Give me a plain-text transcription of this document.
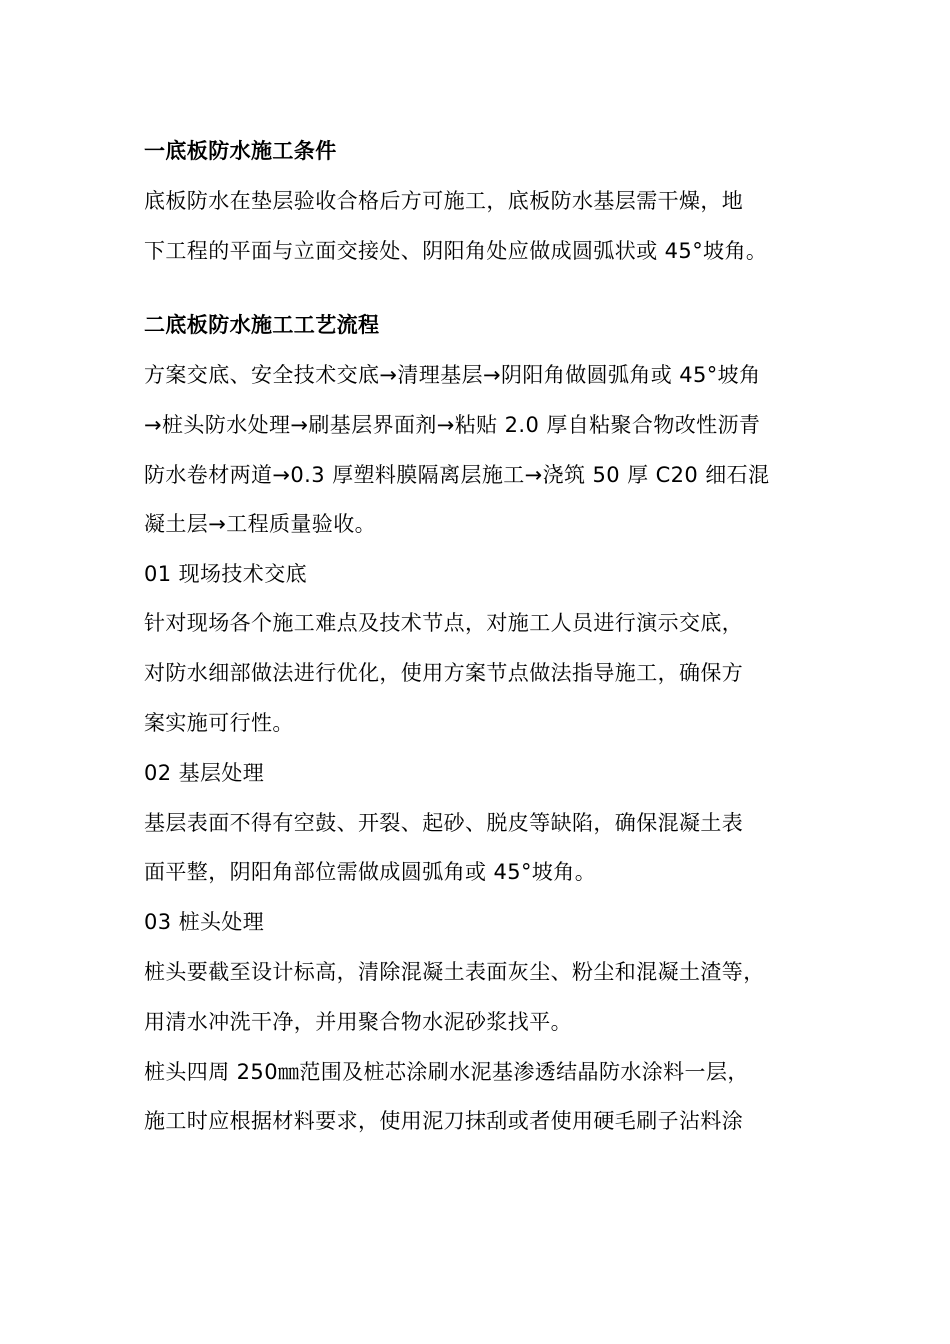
一底板防水施工条件
底板防水在垫层验收合格后方可施工，底板防水基层需干燥，地
下工程的平面与立面交接处、阴阳角处应做成圆弧状或 45°坡角。
二底板防水施工工艺流程
方案交底、安全技术交底→清理基层→阴阳角做圆弧角或 45°坡角
→桩头防水处理→刷基层界面剂→粘贴 2.0 厚自粘聚合物改性沥青
防水卷材两道→0.3 厚塑料膜隔离层施工→浇筑 50 厚 C20 细石混
凝土层→工程质量验收。
01 现场技术交底
针对现场各个施工难点及技术节点，对施工人员进行演示交底，
对防水细部做法进行优化，使用方案节点做法指导施工，确保方
案实施可行性。
02 基层处理
基层表面不得有空鼓、开裂、起砂、脱皮等缺陷，确保混凝土表
面平整，阴阳角部位需做成圆弧角或 45°坡角。
03 桩头处理
桩头要截至设计标高，清除混凝土表面灰尘、粉尘和混凝土渣等，
用清水冲洗干净，并用聚合物水泥砂浆找平。
桩头四周 250㎜范围及桩芯涂刷水泥基渗透结晶防水涂料一层，
施工时应根据材料要求，使用泥刀抹刮或者使用硬毛刷子沾料涂
